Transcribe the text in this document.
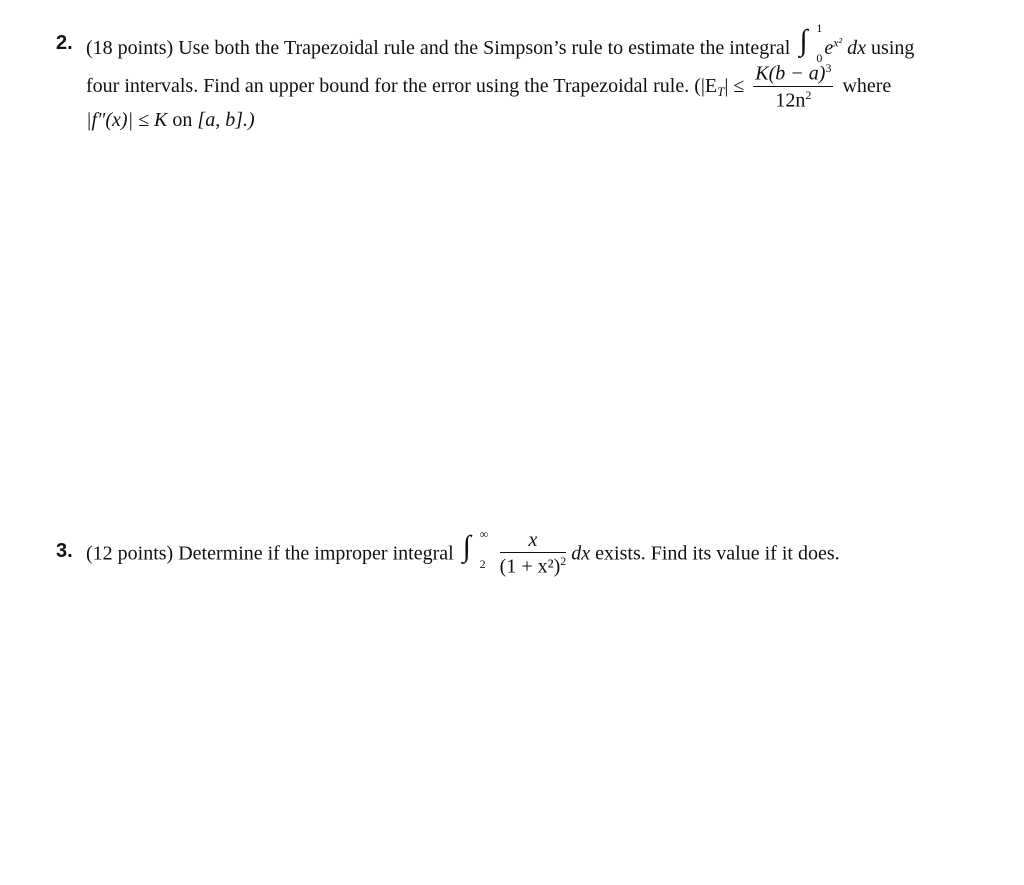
2. (18 points) Use both the Trapezoidal rule and the Simpson’s rule to estimate the integral ∫ 1
0 $e^{x^2}$ dx using
four intervals. Find an upper bound for the error using the Trapezoidal rule. ($|E_T| \le \frac{K(b - a)^3}{12n^2}$ where
|f″(x)| ≤ K on [a, b].)
3. (12 points) Determine if the improper integral ∫ ∞
2
$\frac{x}{(1 + x^2)^2}$ dx exists. Find its value if it does.
